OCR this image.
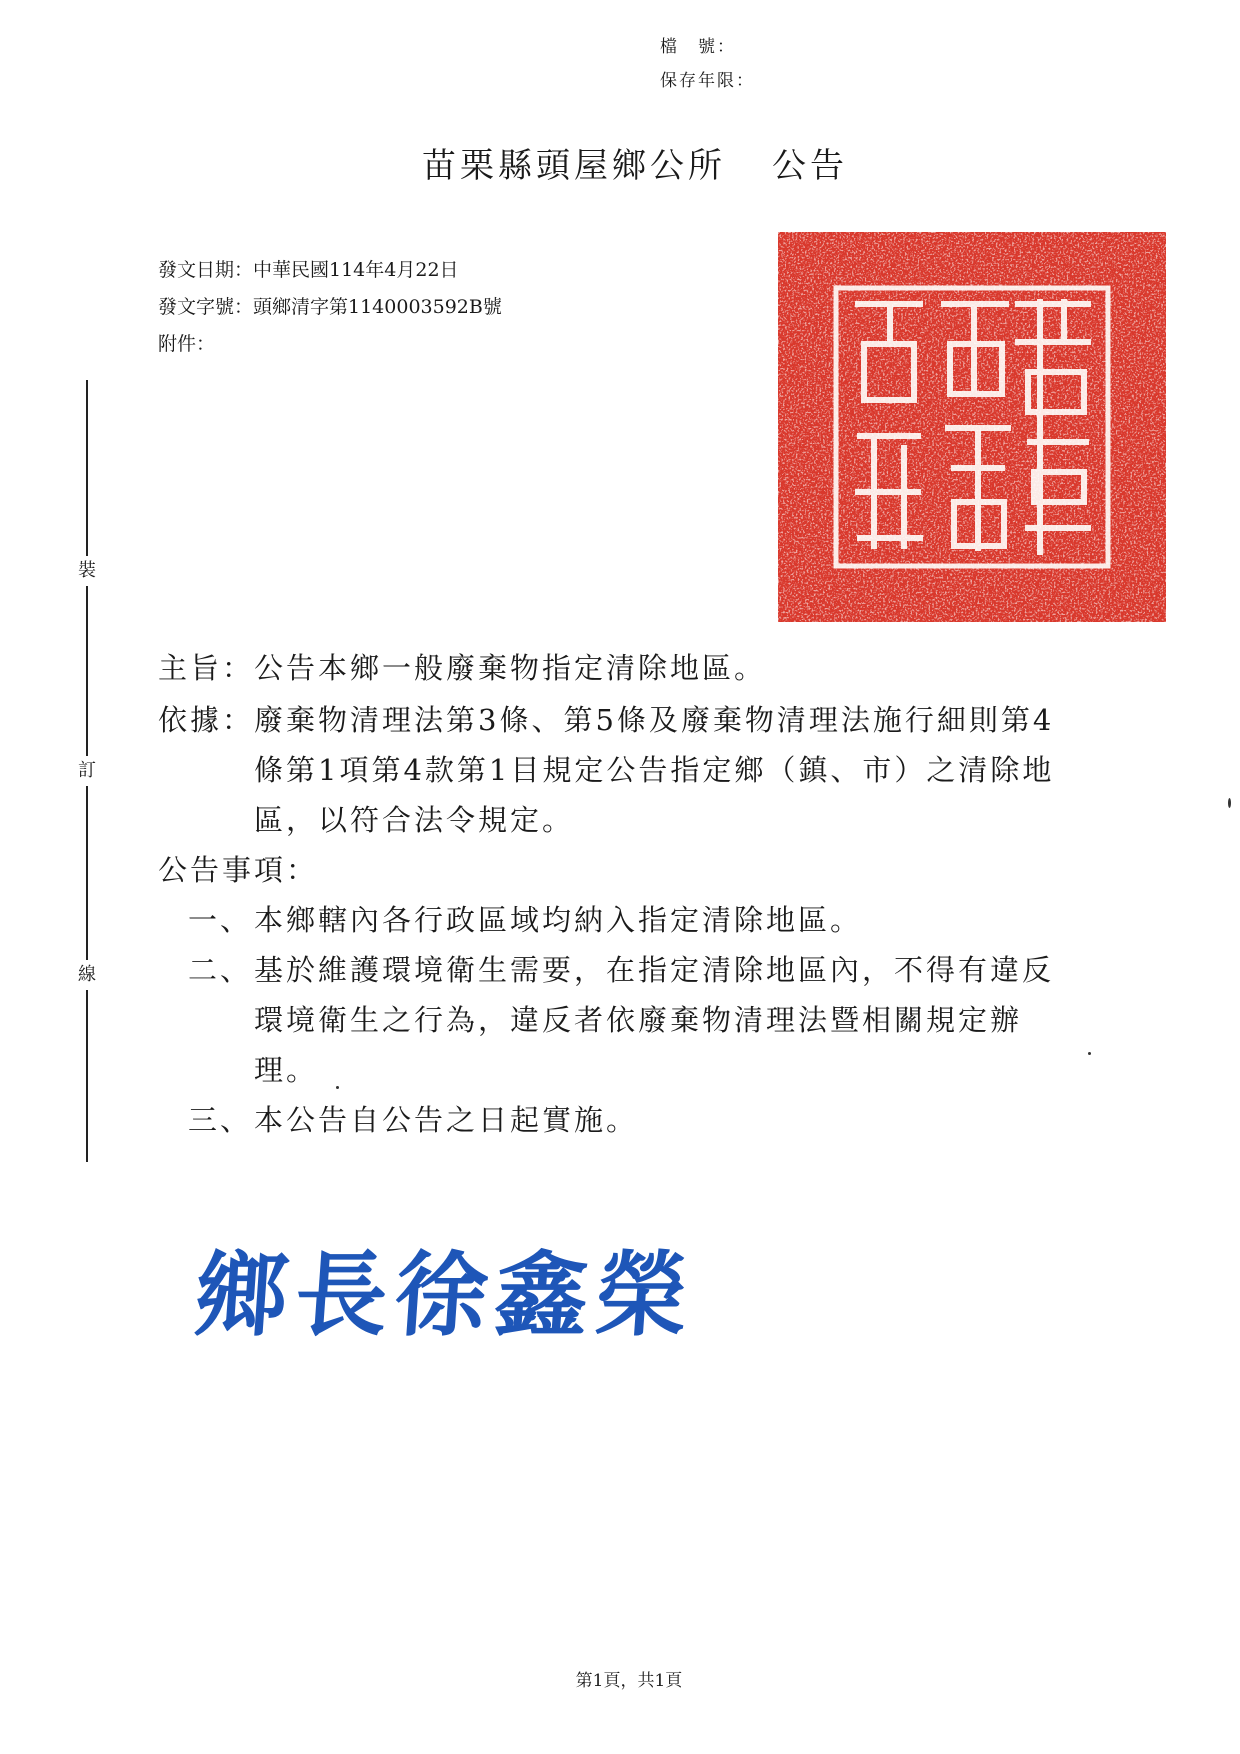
檔　號：
保存年限：
苗栗縣頭屋鄉公所 公告
發文日期：中華民國114年4月22日
發文字號：頭鄉清字第1140003592B號
附件：
裝
訂
線
主旨：公告本鄉一般廢棄物指定清除地區。
依據： 廢棄物清理法第3條、第5條及廢棄物清理法施行細則第4
條第1項第4款第1目規定公告指定鄉（鎮、市）之清除地
區，以符合法令規定。
公告事項：
一、 本鄉轄內各行政區域均納入指定清除地區。
二、 基於維護環境衛生需要，在指定清除地區內，不得有違反
環境衛生之行為，違反者依廢棄物清理法暨相關規定辦
理。
三、 本公告自公告之日起實施。
鄉長徐鑫榮
第1頁，共1頁
